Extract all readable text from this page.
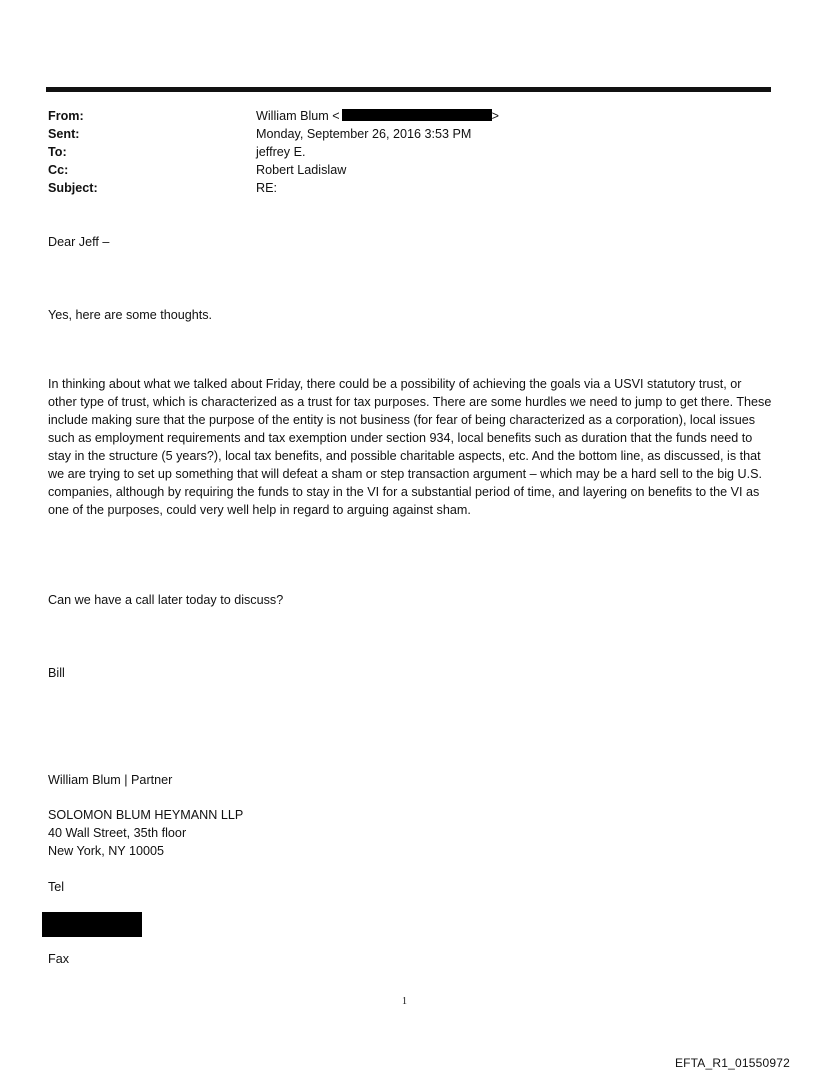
From:	William Blum <	>
Sent:	Monday, September 26, 2016 3:53 PM
To:	jeffrey E.
Cc:	Robert Ladislaw
Subject:	RE:
Dear Jeff –
Yes, here are some thoughts.

In thinking about what we talked about Friday, there could be a possibility of achieving the goals via a USVI statutory trust, or other type of trust, which is characterized as a trust for tax purposes. There are some hurdles we need to jump to get there. These include making sure that the purpose of the entity is not business (for fear of being characterized as a corporation), local issues such as employment requirements and tax exemption under section 934, local benefits such as duration that the funds need to stay in the structure (5 years?), local tax benefits, and possible charitable aspects, etc. And the bottom line, as discussed, is that we are trying to set up something that will defeat a sham or step transaction argument – which may be a hard sell to the big U.S. companies, although by requiring the funds to stay in the VI for a substantial period of time, and layering on benefits to the VI as one of the purposes, could very well help in regard to arguing against sham.

Can we have a call later today to discuss?
Bill
William Blum | Partner
SOLOMON BLUM HEYMANN LLP
40 Wall Street, 35th floor
New York, NY 10005
Tel
Fax
1
EFTA_R1_01550972
